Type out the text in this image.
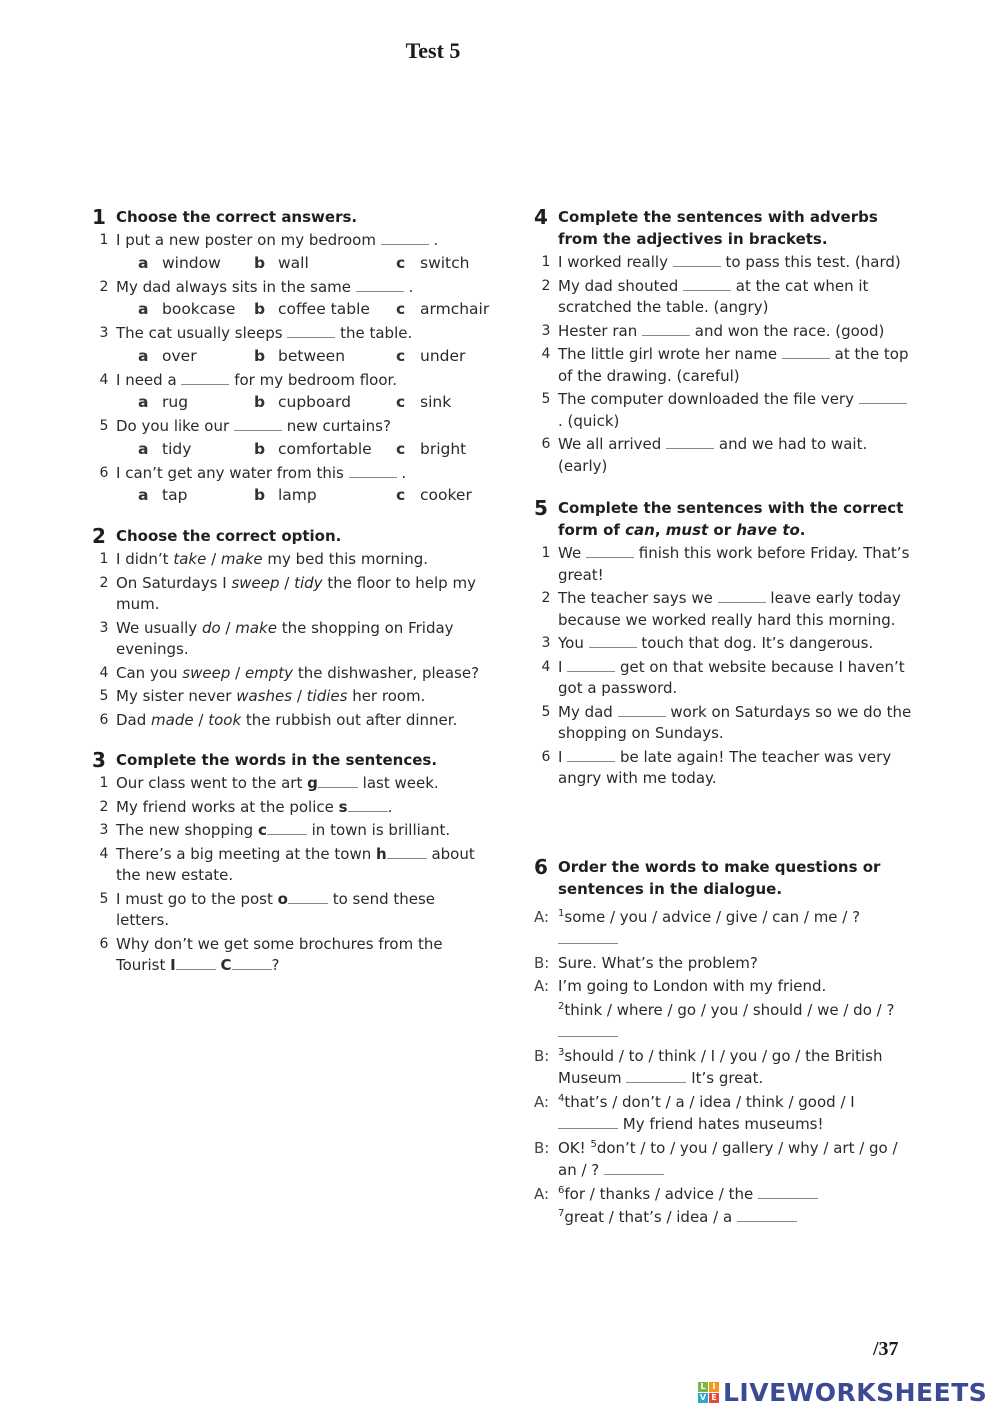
Test 5
1 Choose the correct answers.
1 I put a new poster on my bedroom	.
a window b wall	c switch
2 My dad always sits in the same	.
a bookcase b coffee table c armchair
3 The cat usually sleeps	the table.
a over	b between	c under
4 I need a	for my bedroom floor.
a rug	b cupboard	c sink
5 Do you like our	new curtains?
a tidy	b comfortable c bright
6 I can’t get any water from this	.
a tap	b lamp	c cooker
2 Choose the correct option.
1 I didn’t take / make my bed this morning.
2 On Saturdays I sweep / tidy the floor to help my mum.
3 We usually do / make the shopping on Friday evenings.
4 Can you sweep / empty the dishwasher, please?
5 My sister never washes / tidies her room.
6 Dad made / took the rubbish out after dinner.
3 Complete the words in the sentences.
1 Our class went to the art g	last week.
2 My friend works at the police s	.
3 The new shopping c	in town is brilliant.
4 There’s a big meeting at the town h	about the new estate.
5 I must go to the post o	to send these letters.
6 Why don’t we get some brochures from the Tourist I	C	?
4 Complete the sentences with adverbs from the adjectives in brackets.
1 I worked really	to pass this test. (hard)
2 My dad shouted	at the cat when it scratched the table. (angry)
3 Hester ran	and won the race. (good)
4 The little girl wrote her name	at the top of the drawing. (careful)
5 The computer downloaded the file very  . (quick)
6 We all arrived	and we had to wait. (early)
5 Complete the sentences with the correct form of can, must or have to.
1 We	finish this work before Friday. That’s great!
2 The teacher says we	leave early today because we worked really hard this morning.
3 You	touch that dog. It’s dangerous.
4 I	get on that website because I haven’t got a password.
5 My dad	work on Saturdays so we do the shopping on Sundays.
6 I	be late again! The teacher was very angry with me today.
6 Order the words to make questions or sentences in the dialogue.
A: $^1$some / you / advice / give / can / me / ?
B: Sure. What’s the problem?
A: I’m going to London with my friend.
$^2$think / where / go / you / should / we / do / ?
B: $^3$should / to / think / I / you / go / the British Museum	It’s great.
A: $^4$that’s / don’t / a / idea / think / good / I  My friend hates museums!
B: OK! $^5$don’t / to / you / gallery / why / art / go / an / ?
A: $^6$for / thanks / advice / the
$^7$great / that’s / idea / a
/37
L I
V E LIVEWORKSHEETS
